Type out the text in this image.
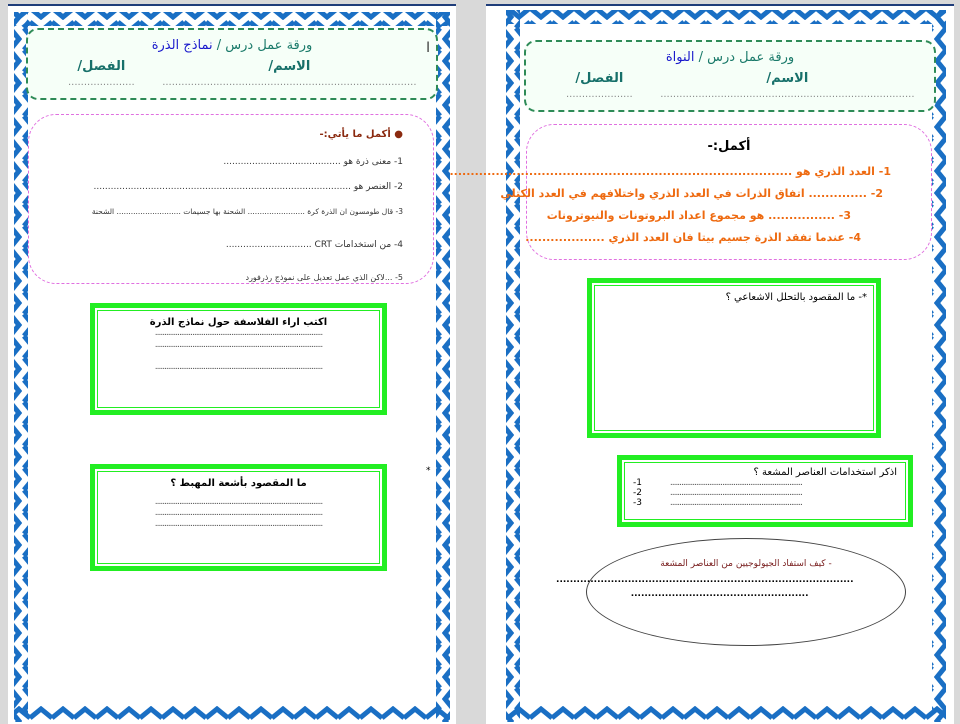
ا
ورقة عمل درس / نماذج الذرة
الاسم/ ................................................................................
الفصل/ .....................
● أكمل ما يأتي:-
1- معنى ذرة هو .........................................
2- العنصر هو ..........................................................................................
3- قال طومسون ان الذرة كرة ........................ الشحنة بها جسيمات ........................... الشحنة
4- من استخدامات CRT ..............................
5- ...لاكن الذي عمل تعديل على نموذج رذرفورد
اكتب اراء الفلاسفة حول نماذج الذرة
..........................................................................................
..........................................................................................
..........................................................................................
ما المقصود بأشعة المهبط ؟
..........................................................................................
..........................................................................................
..........................................................................................
*
ورقة عمل درس / النواة
الاسم/ ................................................................................
الفصل/ .....................
أكمل:-
1- العدد الذري هو ..................................................................................
2- .............. اتفاق الذرات في العدد الذري واختلافهم في العدد الكتلي
3- ................ هو مجموع اعداد البروتونات والنيوترونات
4- عندما تفقد الذرة جسيم بيتا فان العدد الذري ...................
*- ما المقصود بالتحلل الاشعاعي ؟
اذكر استخدامات العناصر المشعة ؟
.......................................................................
1-
.......................................................................
2-
.......................................................................
3-
- كيف استفاد الجيولوجيين من العناصر المشعة
.......................................................................................
....................................................
